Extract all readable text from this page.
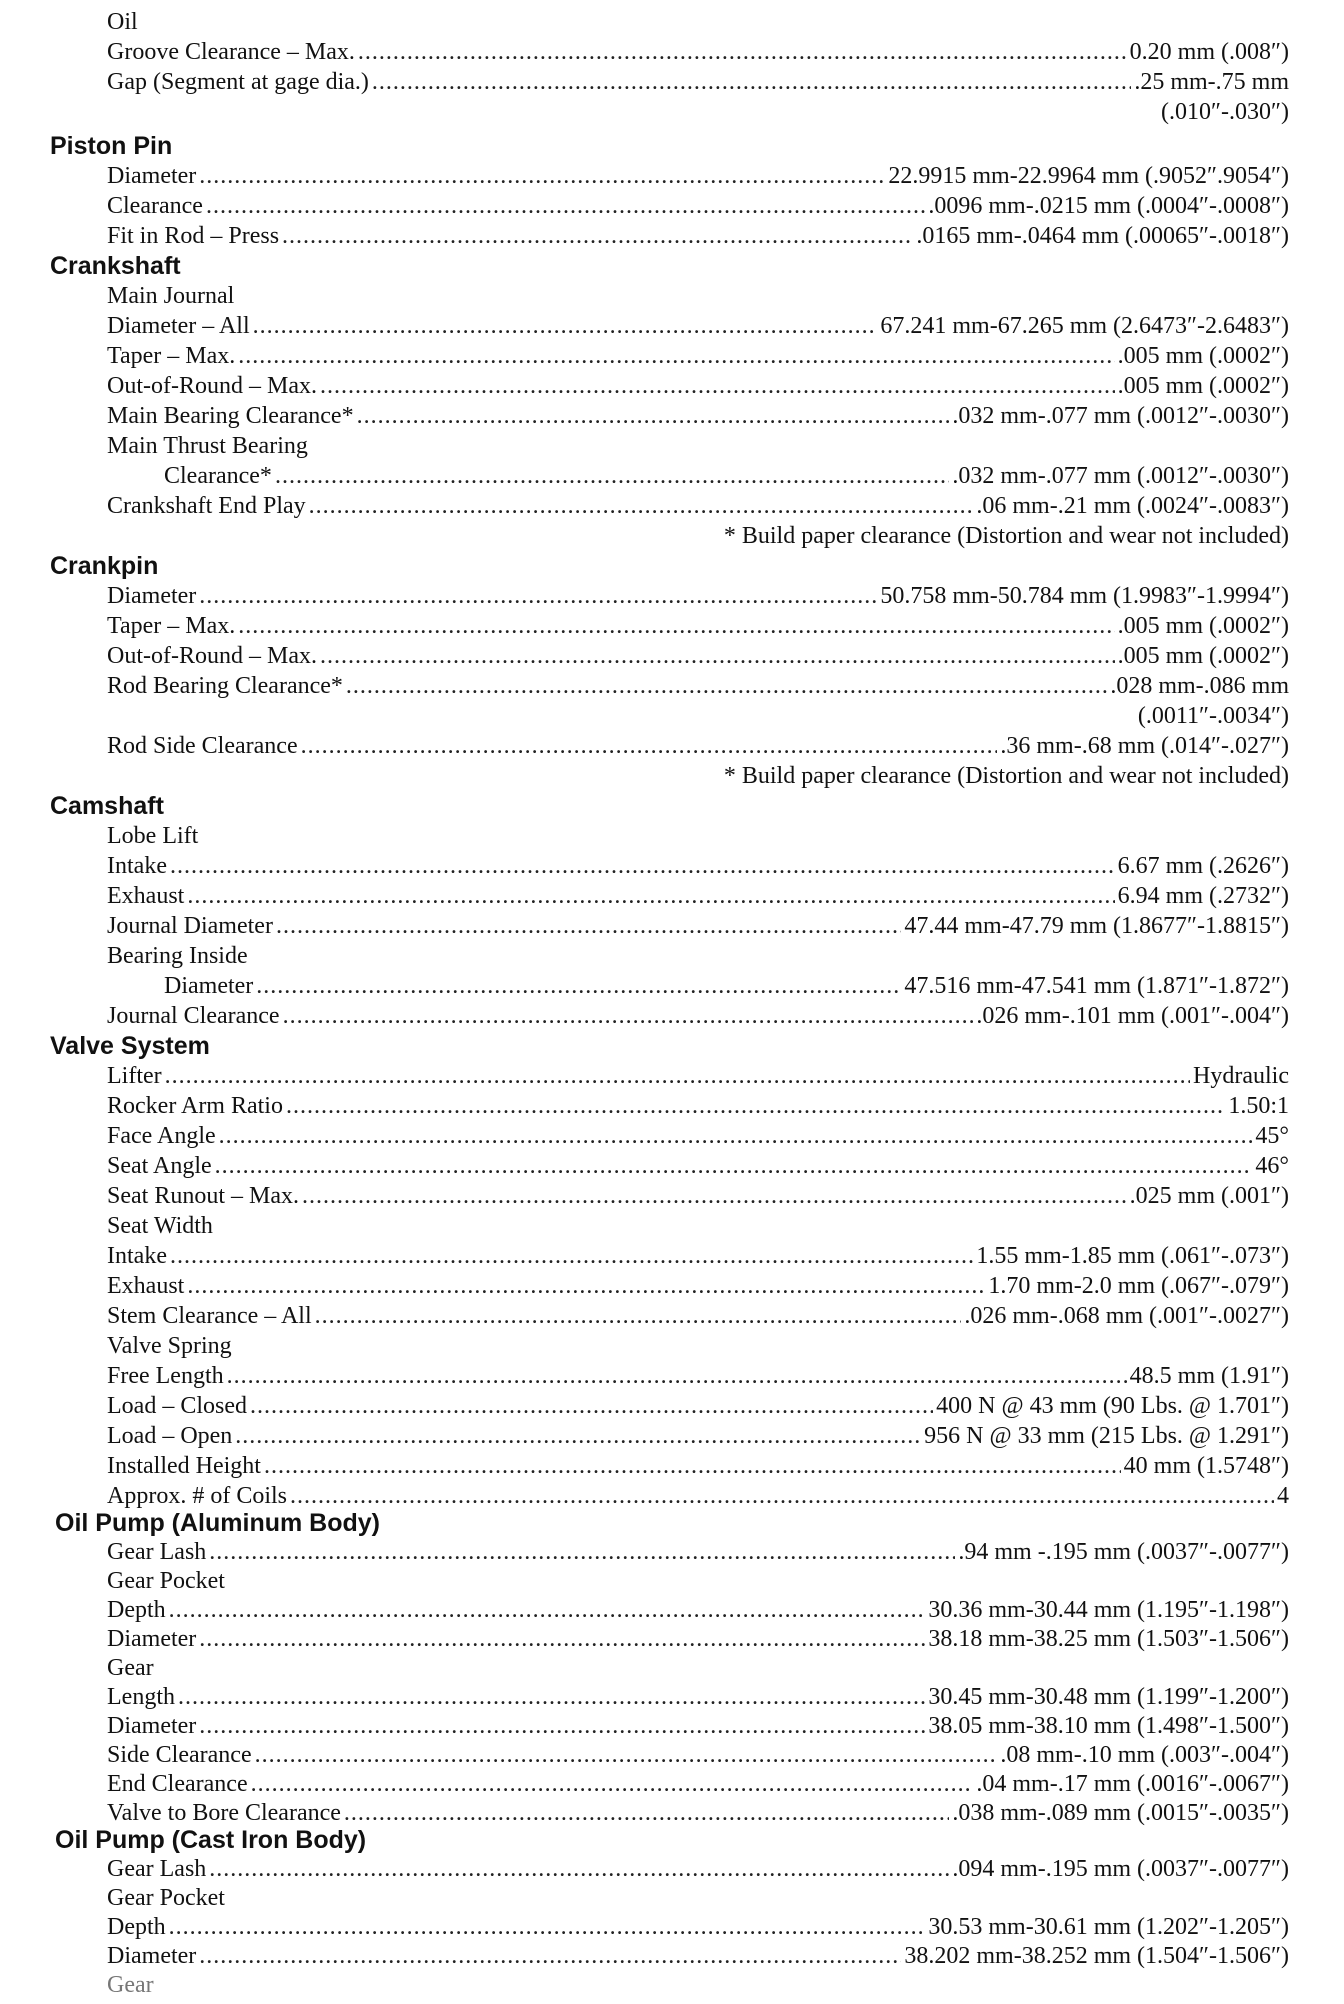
Oil
Groove Clearance – Max. .....	0.20 mm (.008″)
Gap (Segment at gage dia.) .....	.25 mm-.75 mm
(.010″-.030″)
Piston Pin
Diameter .....	22.9915 mm-22.9964 mm (.9052″.9054″)
Clearance .....	.0096 mm-.0215 mm (.0004″-.0008″)
Fit in Rod – Press .....	.0165 mm-.0464 mm (.00065″-.0018″)
Crankshaft
Main Journal
Diameter – All .....	67.241 mm-67.265 mm (2.6473″-2.6483″)
Taper – Max. .....	.005 mm (.0002″)
Out-of-Round – Max. .....	.005 mm (.0002″)
Main Bearing Clearance* .....	.032 mm-.077 mm (.0012″-.0030″)
Main Thrust Bearing
Clearance* .....	.032 mm-.077 mm (.0012″-.0030″)
Crankshaft End Play .....	.06 mm-.21 mm (.0024″-.0083″)
* Build paper clearance (Distortion and wear not included)
Crankpin
Diameter .....	50.758 mm-50.784 mm (1.9983″-1.9994″)
Taper – Max. .....	.005 mm (.0002″)
Out-of-Round – Max. .....	.005 mm (.0002″)
Rod Bearing Clearance* .....	.028 mm-.086 mm
(.0011″-.0034″)
Rod Side Clearance .....	.36 mm-.68 mm (.014″-.027″)
* Build paper clearance (Distortion and wear not included)
Camshaft
Lobe Lift
Intake .....	6.67 mm (.2626″)
Exhaust .....	6.94 mm (.2732″)
Journal Diameter .....	47.44 mm-47.79 mm (1.8677″-1.8815″)
Bearing Inside
Diameter .....	47.516 mm-47.541 mm (1.871″-1.872″)
Journal Clearance .....	.026 mm-.101 mm (.001″-.004″)
Valve System
Lifter .....	Hydraulic
Rocker Arm Ratio .....	1.50:1
Face Angle .....	45°
Seat Angle .....	46°
Seat Runout – Max. .....	.025 mm (.001″)
Seat Width
Intake .....	1.55 mm-1.85 mm (.061″-.073″)
Exhaust .....	1.70 mm-2.0 mm (.067″-.079″)
Stem Clearance – All .....	.026 mm-.068 mm (.001″-.0027″)
Valve Spring
Free Length .....	48.5 mm (1.91″)
Load – Closed .....	400 N @ 43 mm (90 Lbs. @ 1.701″)
Load – Open .....	956 N @ 33 mm (215 Lbs. @ 1.291″)
Installed Height .....	40 mm (1.5748″)
Approx. # of Coils .....	4
Oil Pump (Aluminum Body)
Gear Lash .....	.94 mm -.195 mm (.0037″-.0077″)
Gear Pocket
Depth .....	30.36 mm-30.44 mm (1.195″-1.198″)
Diameter .....	38.18 mm-38.25 mm (1.503″-1.506″)
Gear
Length .....	30.45 mm-30.48 mm (1.199″-1.200″)
Diameter .....	38.05 mm-38.10 mm (1.498″-1.500″)
Side Clearance .....	.08 mm-.10 mm (.003″-.004″)
End Clearance .....	.04 mm-.17 mm (.0016″-.0067″)
Valve to Bore Clearance .....	.038 mm-.089 mm (.0015″-.0035″)
Oil Pump (Cast Iron Body)
Gear Lash .....	.094 mm-.195 mm (.0037″-.0077″)
Gear Pocket
Depth .....	30.53 mm-30.61 mm (1.202″-1.205″)
Diameter .....	38.202 mm-38.252 mm (1.504″-1.506″)
Gear
